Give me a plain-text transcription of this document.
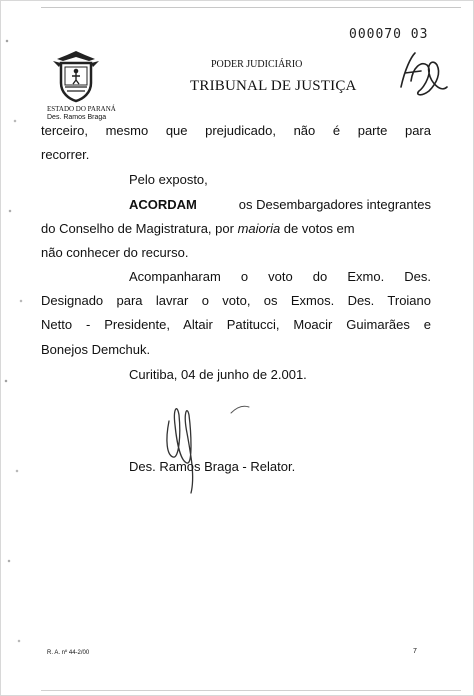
000070 03
PODER JUDICIÁRIO
TRIBUNAL DE JUSTIÇA
ESTADO DO PARANÁ
Des. Ramos Braga
terceiro, mesmo que prejudicado, não é parte para
recorrer.
Pelo exposto,
ACORDAM	os Desembargadores integrantes
do Conselho de Magistratura, por maioria de votos em
não conhecer do recurso.
Acompanharam o voto do Exmo. Des.
Designado para lavrar o voto, os Exmos. Des. Troiano
Netto - Presidente, Altair Patitucci, Moacir Guimarães e
Bonejos Demchuk.
Curitiba, 04 de junho de 2.001.
Des. Ramos Braga - Relator.
R. A. nº 44-2/00	7
